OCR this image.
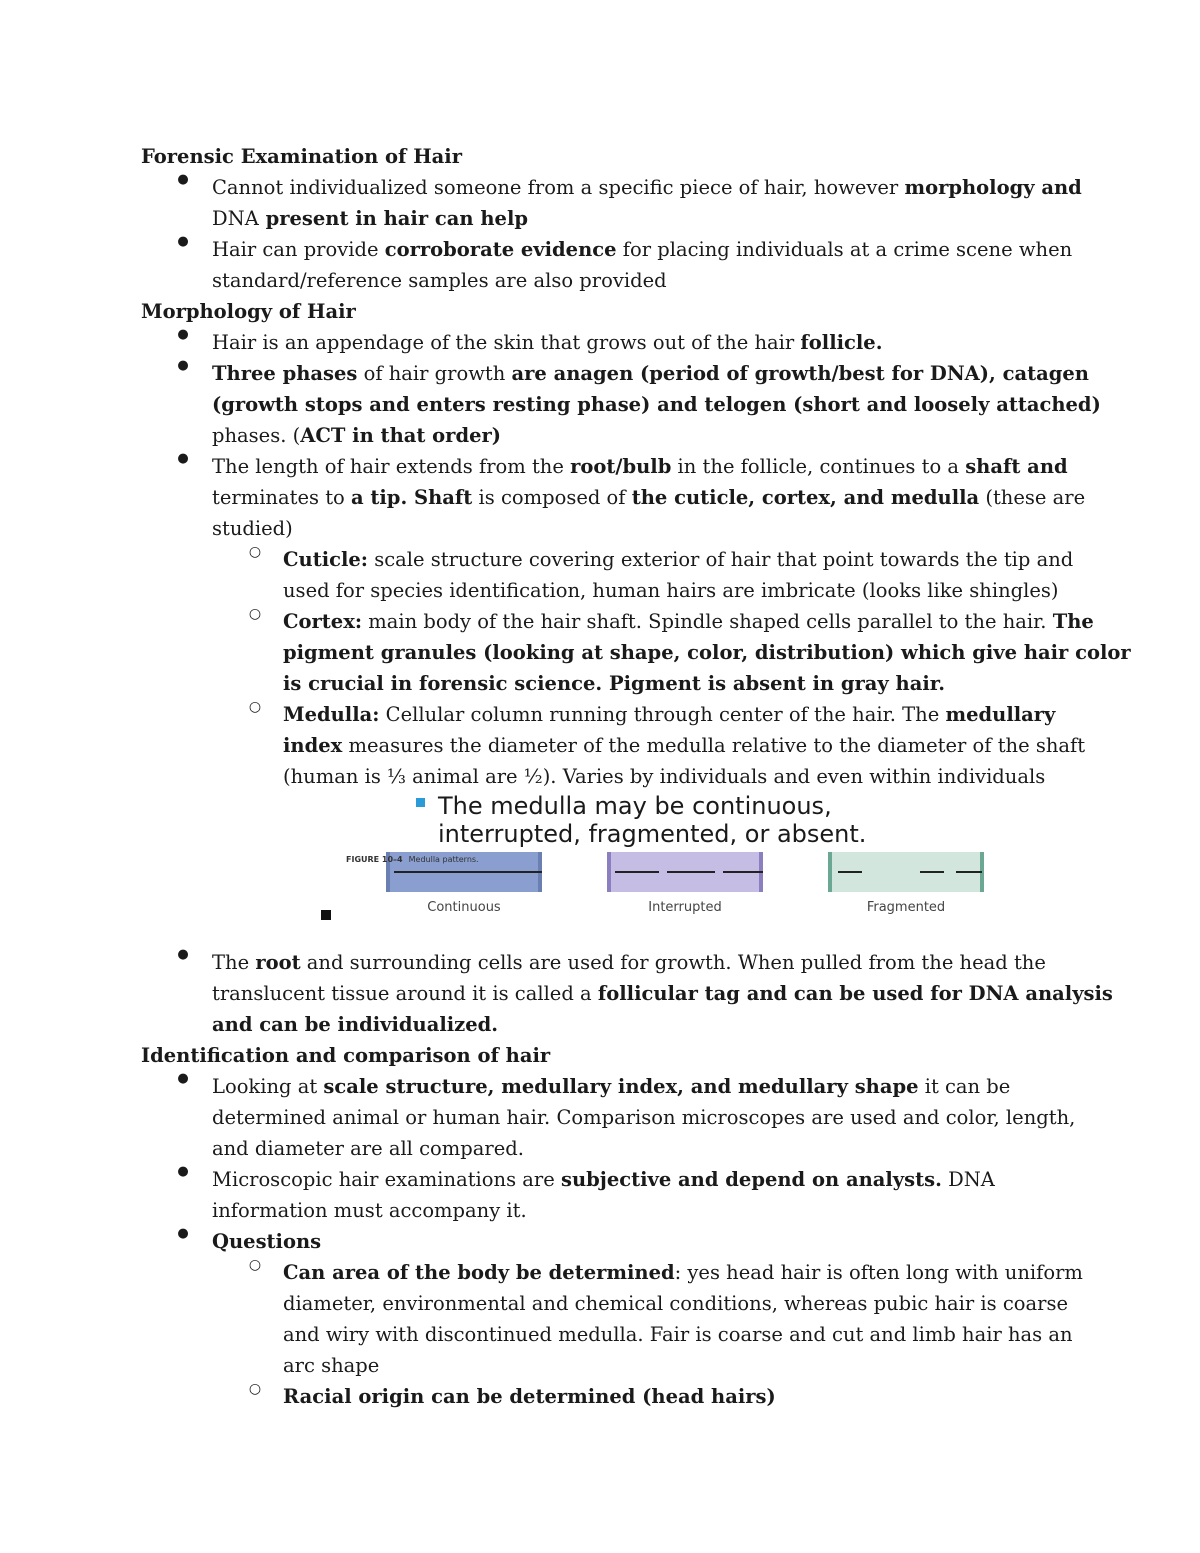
Forensic Examination of Hair
● Cannot individualized someone from a specific piece of hair, however morphology and
DNA present in hair can help
● Hair can provide corroborate evidence for placing individuals at a crime scene when
standard/reference samples are also provided
Morphology of Hair
● Hair is an appendage of the skin that grows out of the hair follicle.
● Three phases of hair growth are anagen (period of growth/best for DNA), catagen
(growth stops and enters resting phase) and telogen (short and loosely attached)
phases. (ACT in that order)
● The length of hair extends from the root/bulb in the follicle, continues to a shaft and
terminates to a tip. Shaft is composed of the cuticle, cortex, and medulla (these are
studied)
○ Cuticle: scale structure covering exterior of hair that point towards the tip and
used for species identification, human hairs are imbricate (looks like shingles)
○ Cortex: main body of the hair shaft. Spindle shaped cells parallel to the hair. The
pigment granules (looking at shape, color, distribution) which give hair color
is crucial in forensic science. Pigment is absent in gray hair.
○ Medulla: Cellular column running through center of the hair. The medullary
index measures the diameter of the medulla relative to the diameter of the shaft
(human is ⅓ animal are ½). Varies by individuals and even within individuals
The medulla may be continuous,
interrupted, fragmented, or absent.
Continuous	Interrupted	Fragmented
FIGURE 10–4 Medulla patterns.
● The root and surrounding cells are used for growth. When pulled from the head the
translucent tissue around it is called a follicular tag and can be used for DNA analysis
and can be individualized.
Identification and comparison of hair
● Looking at scale structure, medullary index, and medullary shape it can be
determined animal or human hair. Comparison microscopes are used and color, length,
and diameter are all compared.
● Microscopic hair examinations are subjective and depend on analysts. DNA
information must accompany it.
● Questions
○ Can area of the body be determined: yes head hair is often long with uniform
diameter, environmental and chemical conditions, whereas pubic hair is coarse
and wiry with discontinued medulla. Fair is coarse and cut and limb hair has an
arc shape
○ Racial origin can be determined (head hairs)
